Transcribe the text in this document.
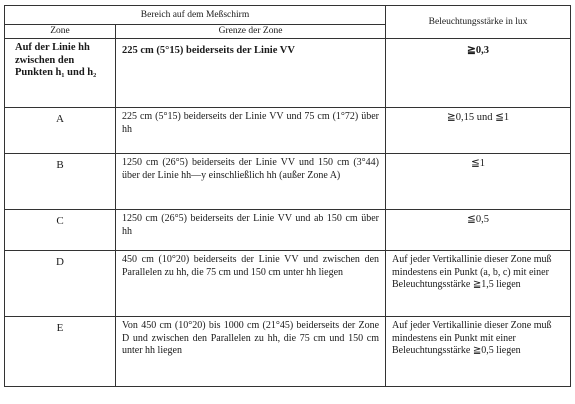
Bereich auf dem Meßschirm		Beleuchtungsstärke in lux
Zone	Grenze der Zone	
Auf der Linie hh zwischen den Punkten h₁ und h₂	225 cm (5°15) beiderseits der Linie VV	≧0,3
A	225 cm (5°15) beiderseits der Linie VV und 75 cm (1°72) über hh	≧0,15 und ≦1
B	1250 cm (26°5) beiderseits der Linie VV und 150 cm (3°44) über der Linie hh—y einschließlich hh (außer Zone A)	≦1
C	1250 cm (26°5) beiderseits der Linie VV und ab 150 cm über hh	≦0,5
D	450 cm (10°20) beiderseits der Linie VV und zwischen den Parallelen zu hh, die 75 cm und 150 cm unter hh liegen	Auf jeder Vertikallinie dieser Zone muß mindestens ein Punkt (a, b, c) mit einer Beleuchtungsstärke ≧1,5 liegen
E	Von 450 cm (10°20) bis 1000 cm (21°45) beiderseits der Zone D und zwischen den Parallelen zu hh, die 75 cm und 150 cm unter hh liegen	Auf jeder Vertikallinie dieser Zone muß mindestens ein Punkt mit einer Beleuchtungsstärke ≧0,5 liegen
